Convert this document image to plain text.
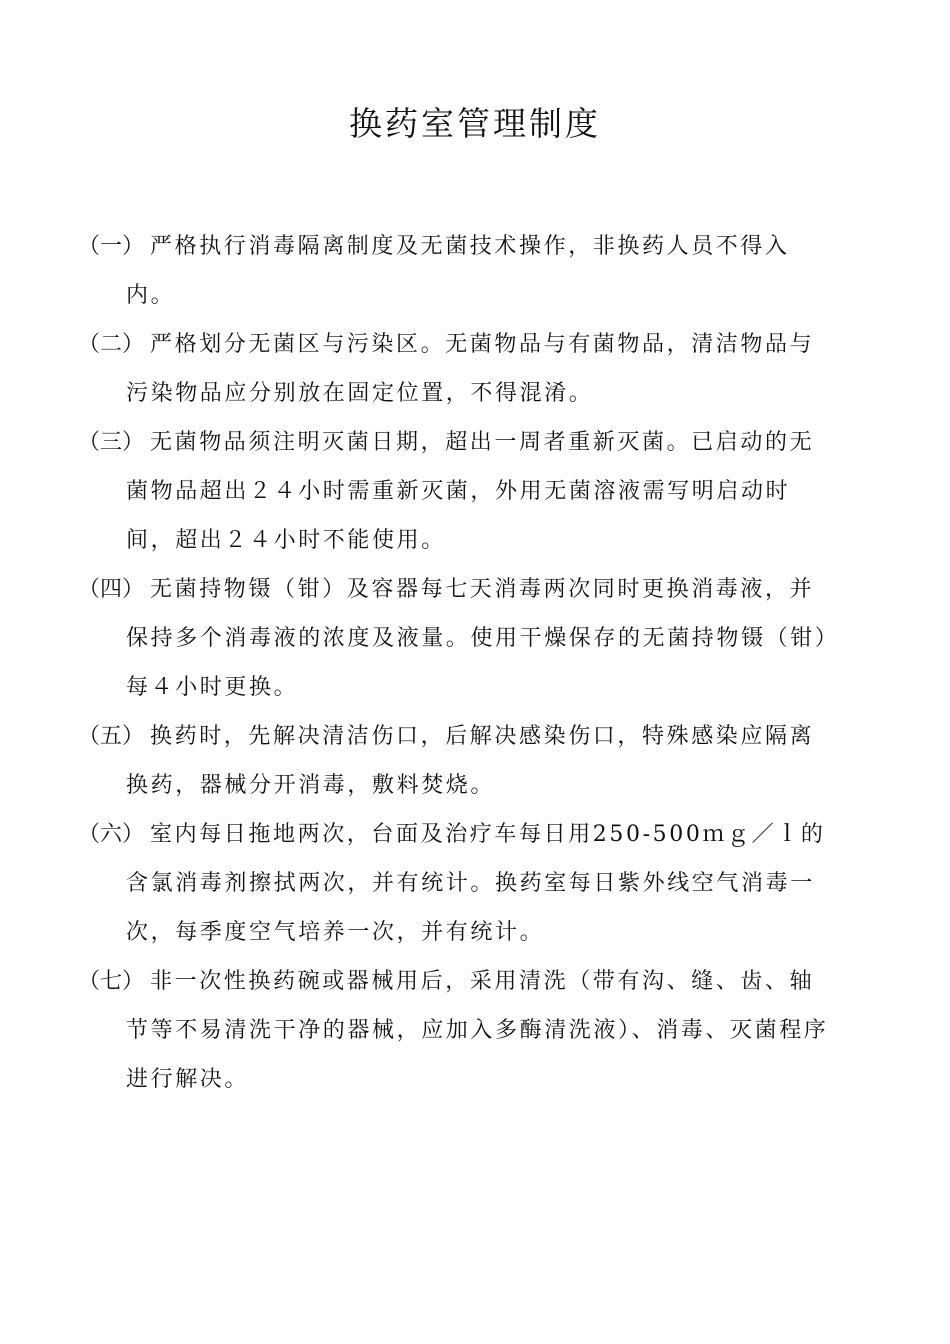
换药室管理制度
（一） 严格执行消毒隔离制度及无菌技术操作，非换药人员不得入内。
（二） 严格划分无菌区与污染区。无菌物品与有菌物品，清洁物品与污染物品应分别放在固定位置，不得混淆。
（三） 无菌物品须注明灭菌日期，超出一周者重新灭菌。已启动的无菌物品超出２４小时需重新灭菌，外用无菌溶液需写明启动时间，超出２４小时不能使用。
（四） 无菌持物镊（钳）及容器每七天消毒两次同时更换消毒液，并保持多个消毒液的浓度及液量。使用干燥保存的无菌持物镊（钳）每４小时更换。
（五） 换药时，先解决清洁伤口，后解决感染伤口，特殊感染应隔离换药，器械分开消毒，敷料焚烧。
（六） 室内每日拖地两次，台面及治疗车每日用250-500ｍｇ／ｌ的含氯消毒剂擦拭两次，并有统计。换药室每日紫外线空气消毒一次，每季度空气培养一次，并有统计。
（七） 非一次性换药碗或器械用后，采用清洗（带有沟、缝、齿、轴节等不易清洗干净的器械，应加入多酶清洗液）、消毒、灭菌程序进行解决。
